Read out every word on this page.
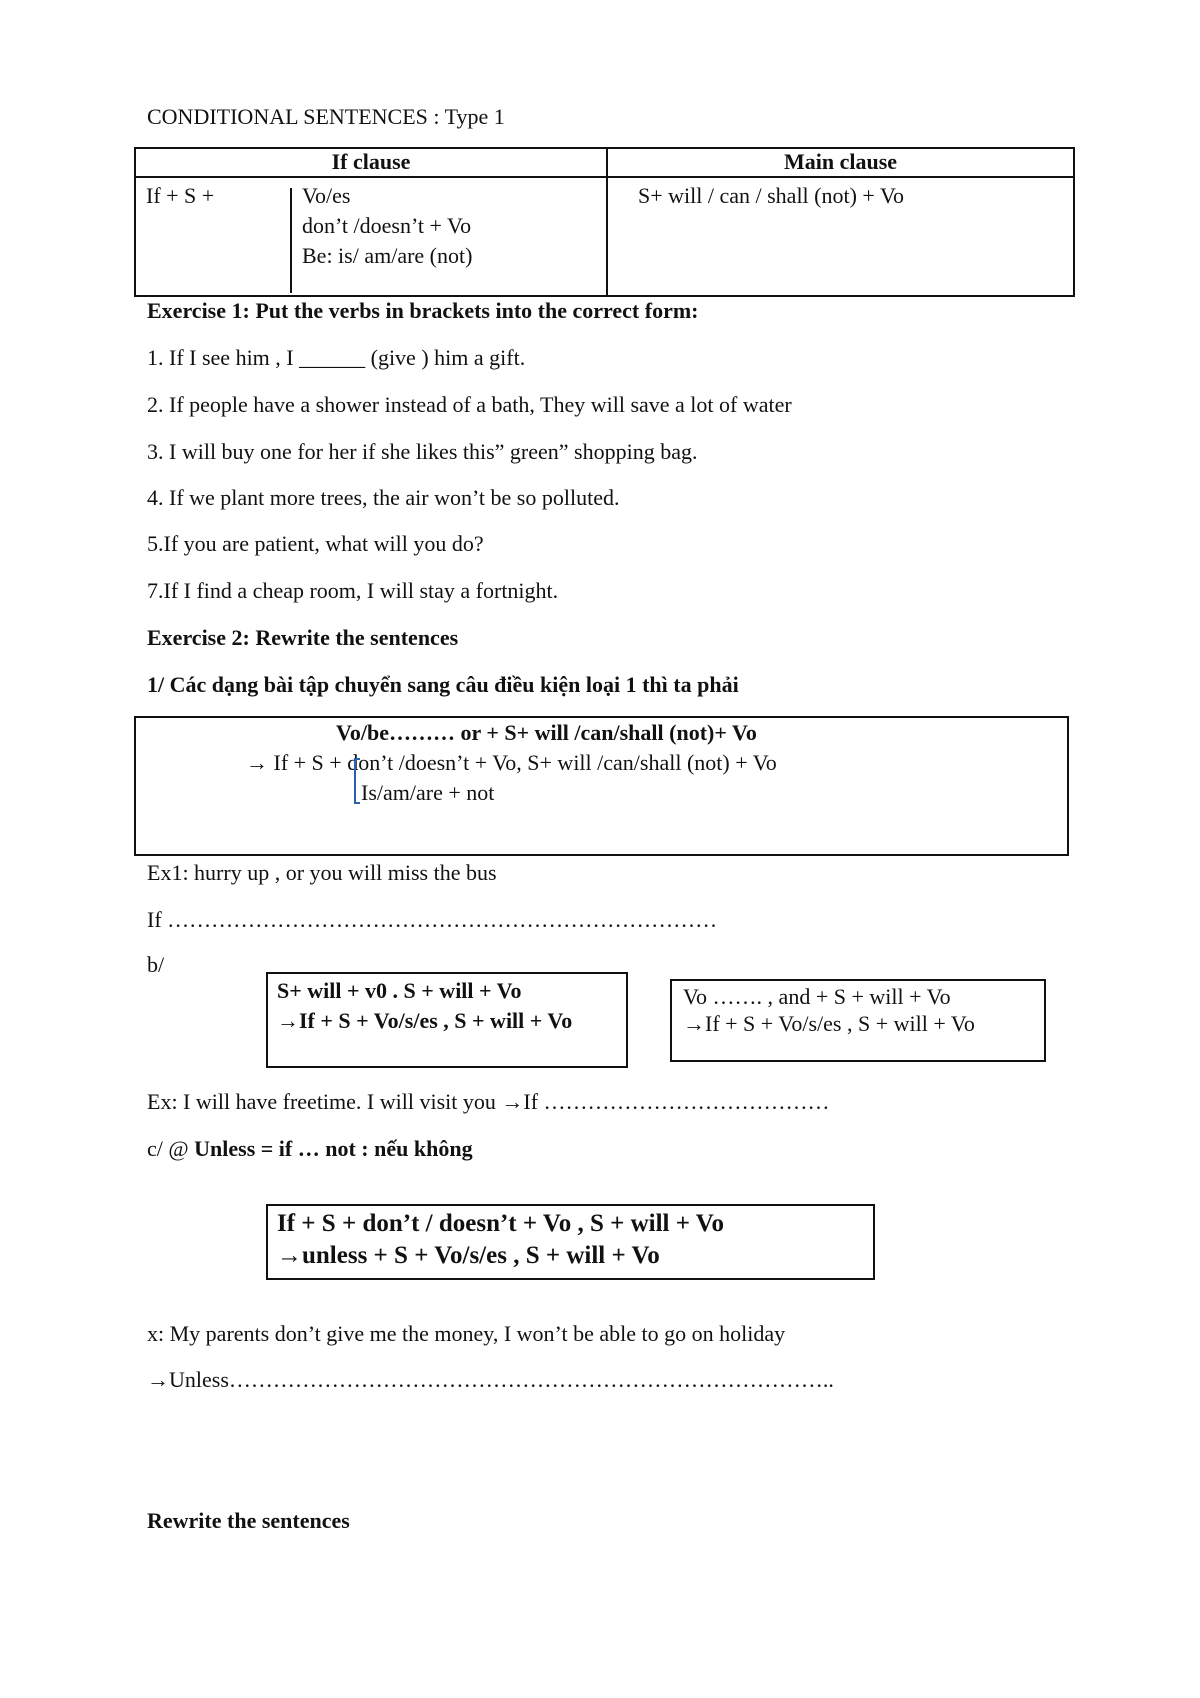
CONDITIONAL SENTENCES : Type 1
If clause	Main clause

If + S + Vo/es
don’t /doesn’t + Vo
Be: is/ am/are (not)	S+ will / can / shall (not) + Vo
Exercise 1: Put the verbs in brackets into the correct form:
1. If I see him , I ______ (give ) him a gift.
2. If people have a shower instead of a bath, They will save a lot of water
3. I will buy one for her if she likes this” green” shopping bag.
4. If we plant more trees, the air won’t be so polluted.
5.If you are patient, what will you do?
7.If I find a cheap room, I will stay a fortnight.
Exercise 2: Rewrite the sentences
1/ Các dạng bài tập chuyển sang câu điều kiện loại 1 thì ta phải
Vo/be……… or + S+ will /can/shall (not)+ Vo
→ If + S + don’t /doesn’t + Vo, S+ will /can/shall (not) + Vo
Is/am/are + not
Ex1: hurry up , or you will miss the bus
If …………………………………………………………………
b/
S+ will + v0 . S + will + Vo
→If + S + Vo/s/es , S + will + Vo
Vo ……. , and + S + will + Vo
→If + S + Vo/s/es , S + will + Vo
Ex: I will have freetime. I will visit you →If …………………………………
c/ @ Unless = if … not : nếu không
If + S + don’t / doesn’t + Vo , S + will + Vo
→unless + S + Vo/s/es , S + will + Vo
x: My parents don’t give me the money, I won’t be able to go on holiday
→Unless………………………………………………………………………..
Rewrite the sentences
